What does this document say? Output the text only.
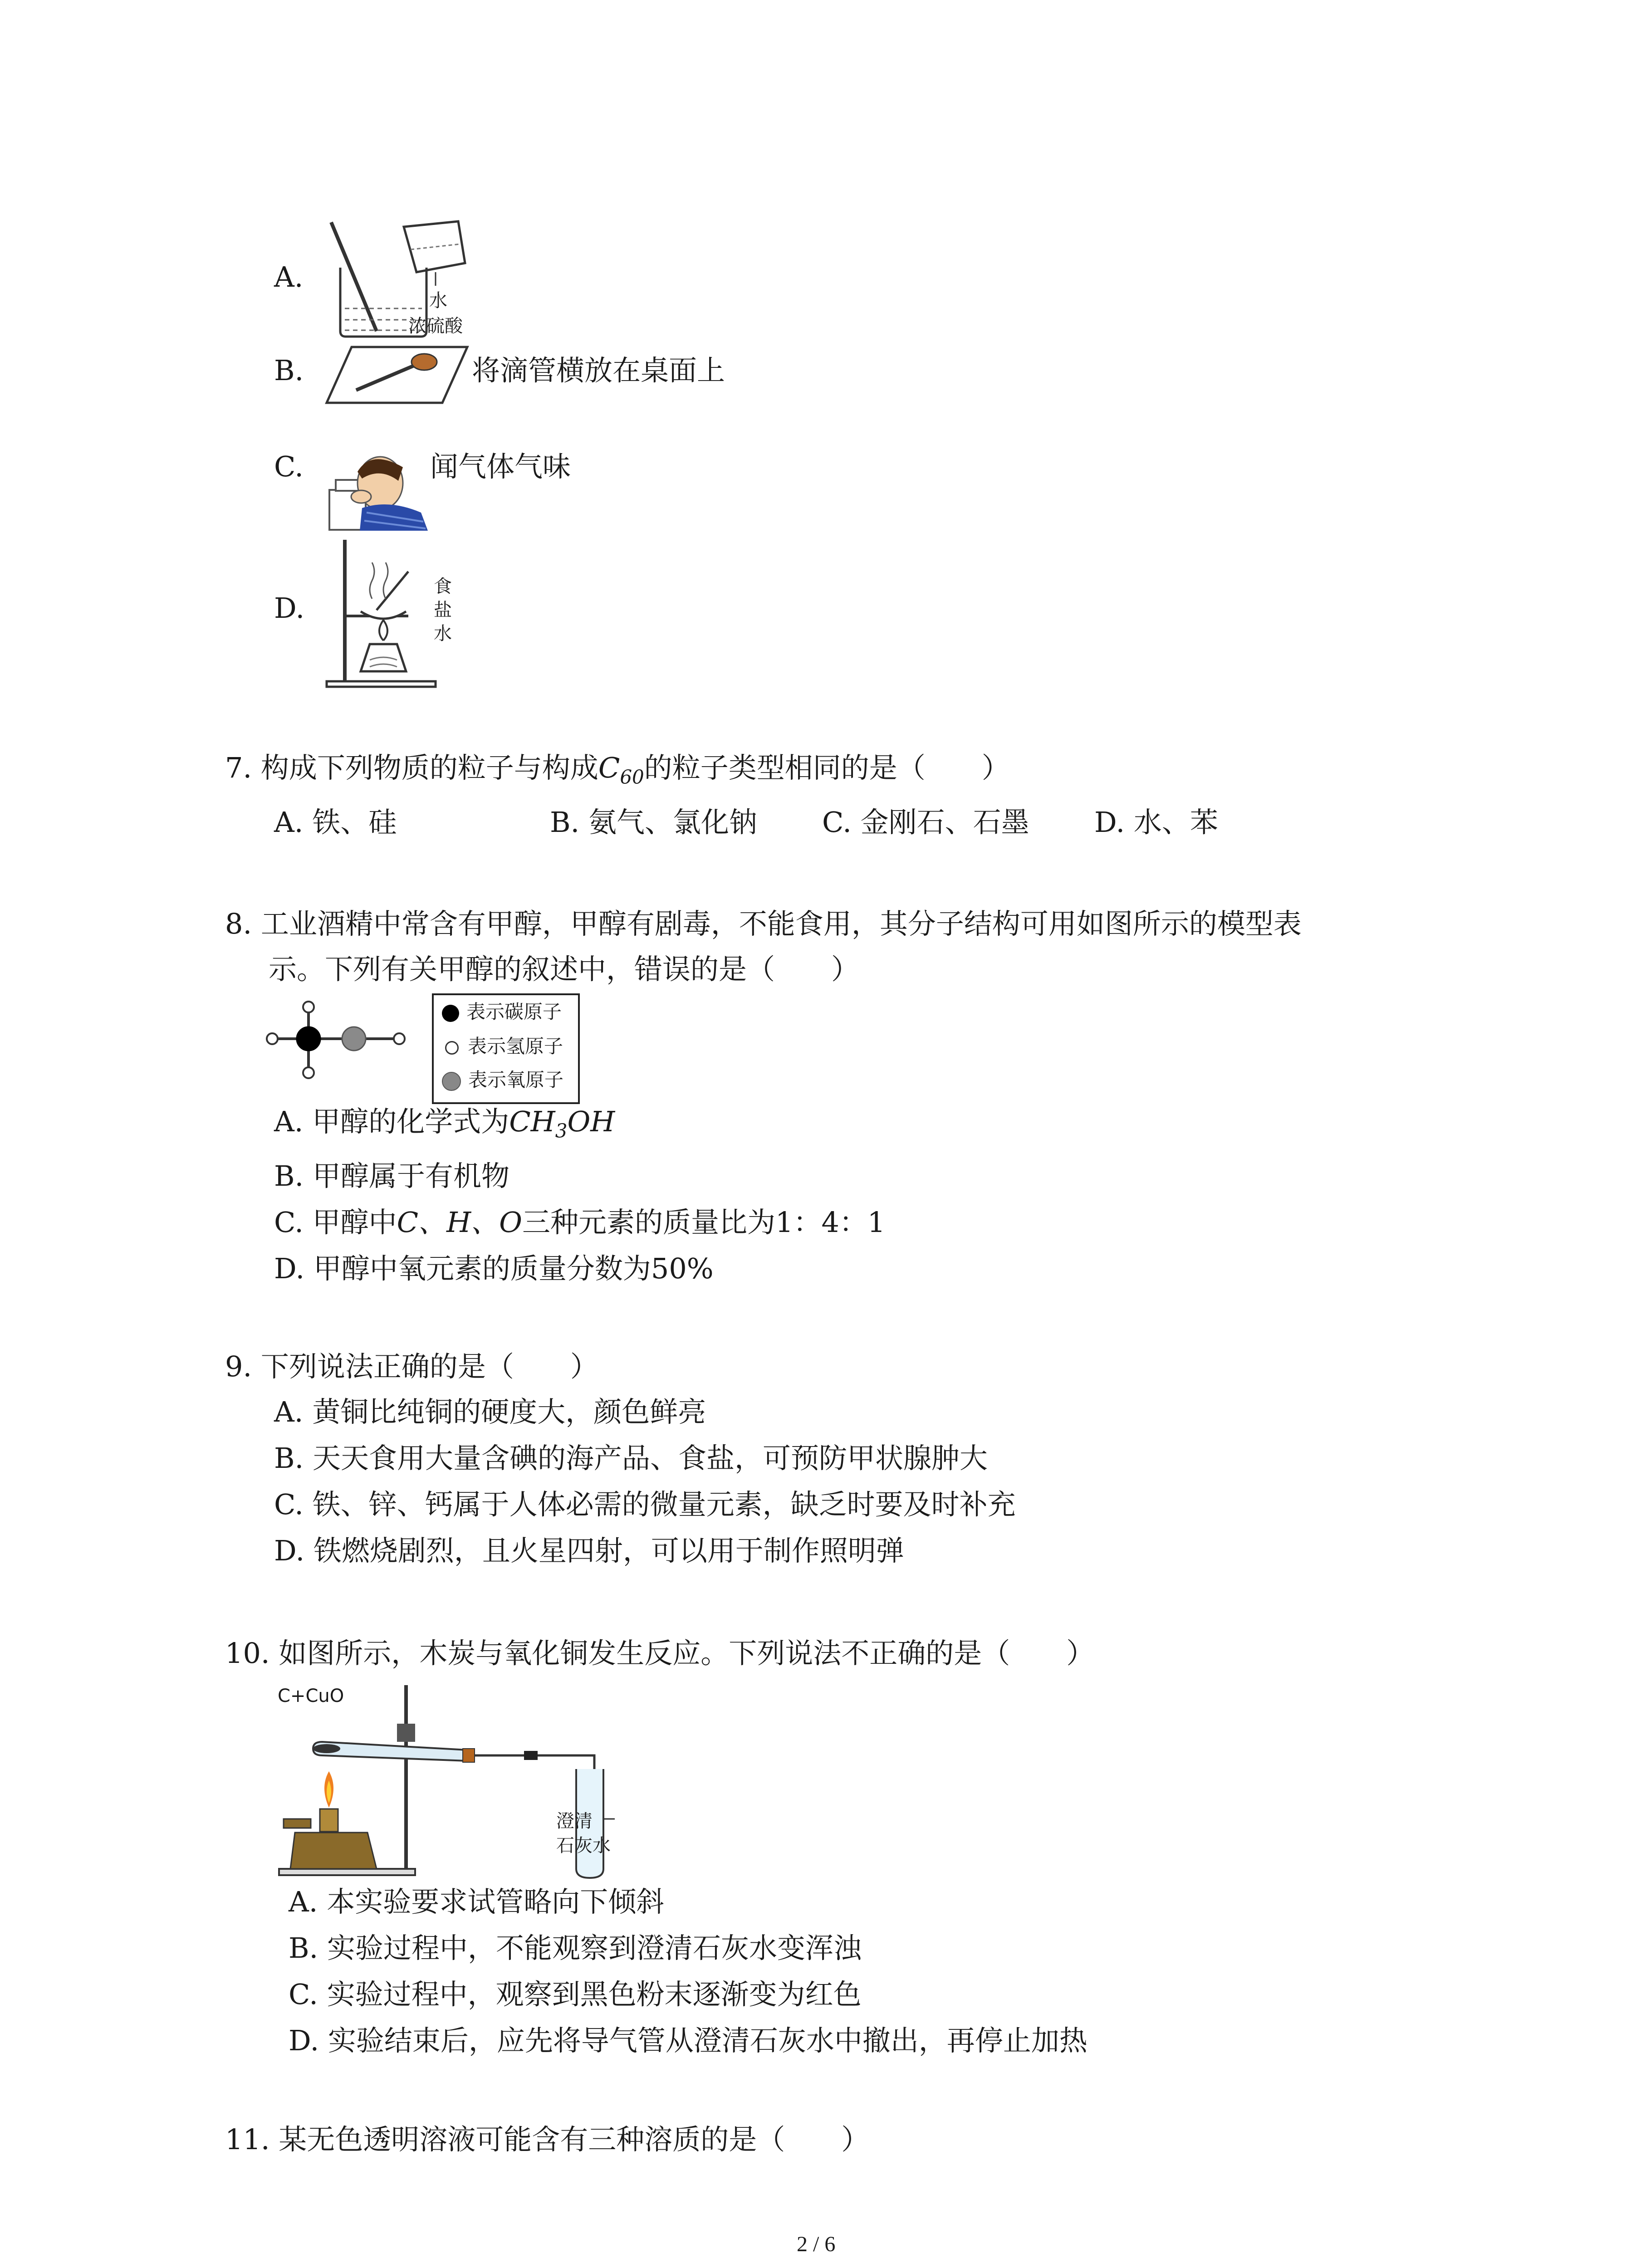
A.
水
浓硫酸
B.	将滴管横放在桌面上
C.	闻气体气味
D.
食
盐
水
7. 构成下列物质的粒子与构成$C_{60}$的粒子类型相同的是（　　）
A. 铁、硅	B. 氨气、氯化钠 C. 金刚石、石墨 D. 水、苯
8. 工业酒精中常含有甲醇，甲醇有剧毒，不能食用，其分子结构可用如图所示的模型表
示。下列有关甲醇的叙述中，错误的是（　　）
表示碳原子
表示氢原子
表示氧原子
A. 甲醇的化学式为$CH_3OH$
B. 甲醇属于有机物
C. 甲醇中C、H、O三种元素的质量比为1：4：1
D. 甲醇中氧元素的质量分数为50%
9. 下列说法正确的是（　　）
A. 黄铜比纯铜的硬度大，颜色鲜亮
B. 天天食用大量含碘的海产品、食盐，可预防甲状腺肿大
C. 铁、锌、钙属于人体必需的微量元素，缺乏时要及时补充
D. 铁燃烧剧烈，且火星四射，可以用于制作照明弹
10. 如图所示，木炭与氧化铜发生反应。下列说法不正确的是（　　）
C+CuO
澄清
石灰水
A. 本实验要求试管略向下倾斜
B. 实验过程中，不能观察到澄清石灰水变浑浊
C. 实验过程中，观察到黑色粉末逐渐变为红色
D. 实验结束后，应先将导气管从澄清石灰水中撤出，再停止加热
11. 某无色透明溶液可能含有三种溶质的是（　　）
2 / 6
